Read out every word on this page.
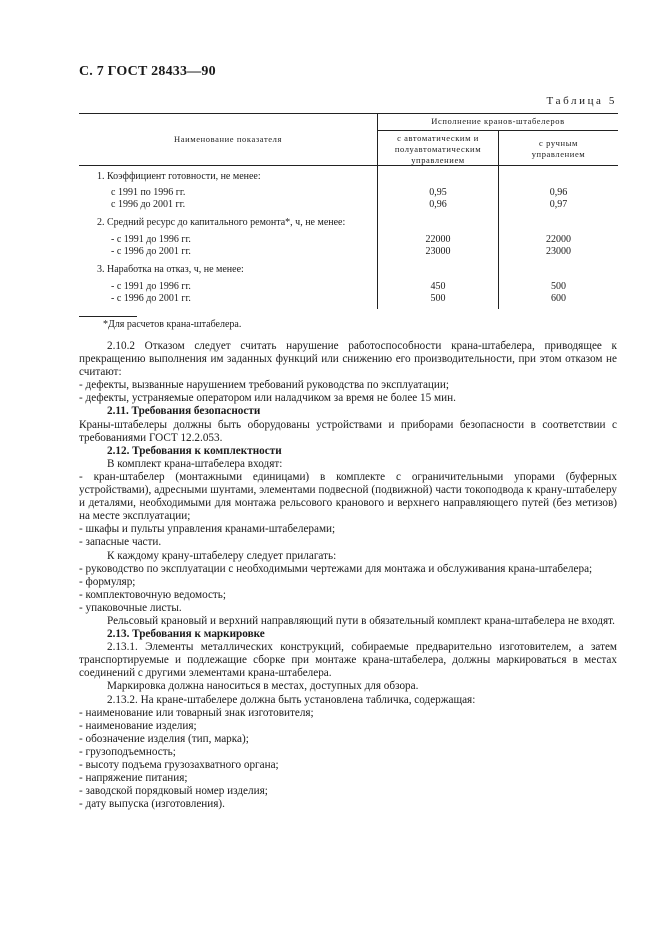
С. 7 ГОСТ 28433—90
Таблица 5
Наименование показателя
Исполнение кранов-штабелеров
с автоматическим и
полуавтоматическим
управлением
с ручным
управлением
1. Коэффициент готовности, не менее:
с 1991 по 1996 гг.	0,95	0,96
с 1996 до 2001 гг.	0,96	0,97
2. Средний ресурс до капитального ремонта*, ч, не менее:
- с 1991 до 1996 гг.	22000	22000
- с 1996 до 2001 гг.	23000	23000
3. Наработка на отказ, ч, не менее:
- с 1991 до 1996 гг.	450	500
- с 1996 до 2001 гг.	500	600
*Для расчетов крана-штабелера.

2.10.2 Отказом следует считать нарушение работоспособности крана-штабелера, приводящее к прекращению выполнения им заданных функций или снижению его производительности, при этом отказом не считают:

- дефекты, вызванные нарушением требований руководства по эксплуатации;

- дефекты, устраняемые оператором или наладчиком за время не более 15 мин.

2.11. Требования безопасности

Краны-штабелеры должны быть оборудованы устройствами и приборами безопасности в соответствии с требованиями ГОСТ 12.2.053.

2.12. Требования к комплектности

В комплект крана-штабелера входят:

- кран-штабелер (монтажными единицами) в комплекте с ограничительными упорами (буферных устройствами), адресными шунтами, элементами подвесной (подвижной) части токоподвода к крану-штабелеру и деталями, необходимыми для монтажа рельсового кранового и верхнего направляющего путей (без метизов) на месте эксплуатации;

- шкафы и пульты управления кранами-штабелерами;

- запасные части.

К каждому крану-штабелеру следует прилагать:

- руководство по эксплуатации с необходимыми чертежами для монтажа и обслуживания крана-штабелера;

- формуляр;

- комплектовочную ведомость;

- упаковочные листы.

Рельсовый крановый и верхний направляющий пути в обязательный комплект крана-штабелера не входят.

2.13. Требования к маркировке

2.13.1. Элементы металлических конструкций, собираемые предварительно изготовителем, а затем транспортируемые и подлежащие сборке при монтаже крана-штабелера, должны маркироваться в местах соединений с другими элементами крана-штабелера.

Маркировка должна наноситься в местах, доступных для обзора.

2.13.2. На кране-штабелере должна быть установлена табличка, содержащая:

- наименование или товарный знак изготовителя;

- наименование изделия;

- обозначение изделия (тип, марка);

- грузоподъемность;

- высоту подъема грузозахватного органа;

- напряжение питания;

- заводской порядковый номер изделия;

- дату выпуска (изготовления).
